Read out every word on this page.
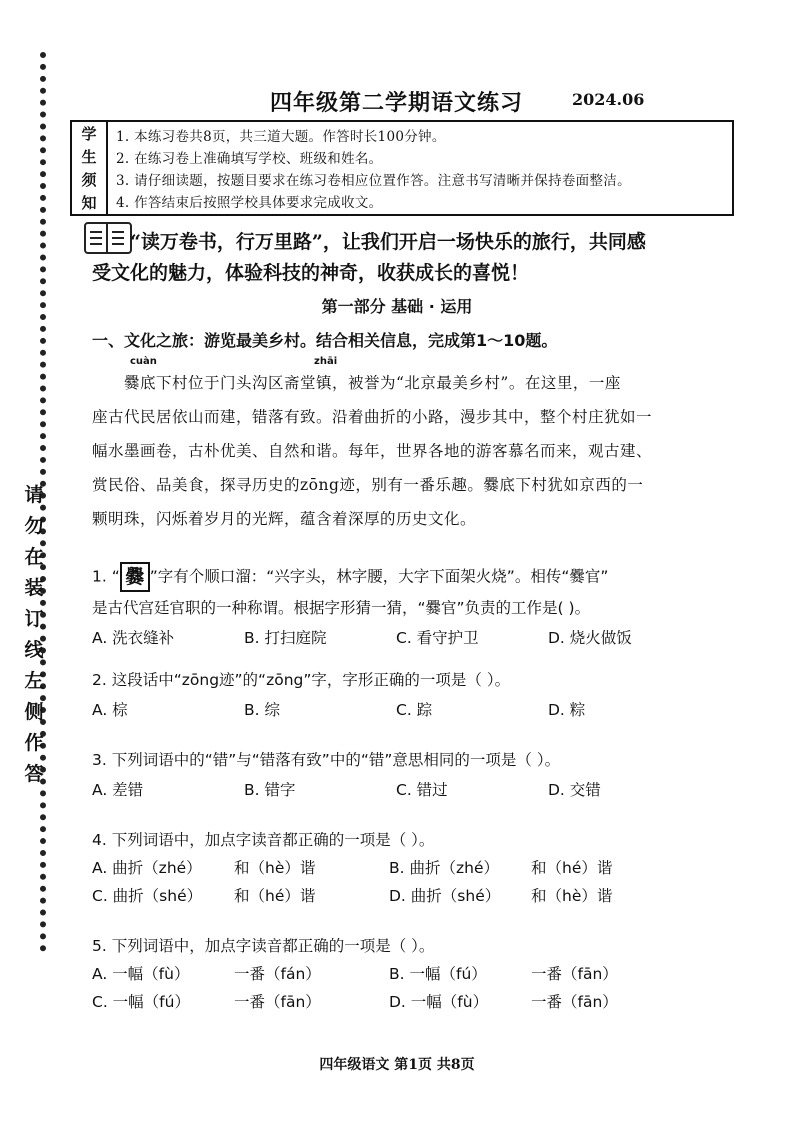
请
勿
在
装
订
线
左
侧
作
答
四年级第二学期语文练习	2024.06
学
生
须
知
1. 本练习卷共8页，共三道大题。作答时长100分钟。
2. 在练习卷上准确填写学校、班级和姓名。
3. 请仔细读题，按题目要求在练习卷相应位置作答。注意书写清晰并保持卷面整洁。
4. 作答结束后按照学校具体要求完成收文。
“读万卷书，行万里路”，让我们开启一场快乐的旅行，共同感
受文化的魅力，体验科技的神奇，收获成长的喜悦！
第一部分 基础 · 运用
一、文化之旅：游览最美乡村。结合相关信息，完成第1～10题。
cuàn	zhāi

爨底下村位于门头沟区斋堂镇，被誉为“北京最美乡村”。在这里，一座

座古代民居依山而建，错落有致。沿着曲折的小路，漫步其中，整个村庄犹如一

幅水墨画卷，古朴优美、自然和谐。每年，世界各地的游客慕名而来，观古建、

赏民俗、品美食，探寻历史的zōng迹，别有一番乐趣。爨底下村犹如京西的一

颗明珠，闪烁着岁月的光辉，蕴含着深厚的历史文化。

1. “ 爨 ”字有个顺口溜：“兴字头，林字腰，大字下面架火烧”。相传“爨官”
是古代宫廷官职的一种称谓。根据字形猜一猜，“爨官”负责的工作是( )。
A. 洗衣缝补	B. 打扫庭院	C. 看守护卫	D. 烧火做饭
2. 这段话中“zōng迹”的“zōng”字，字形正确的一项是（ ）。
A. 棕	B. 综	C. 踪	D. 粽
3. 下列词语中的“错”与“错落有致”中的“错”意思相同的一项是（ ）。
A. 差错	B. 错字	C. 错过	D. 交错
4. 下列词语中，加点字读音都正确的一项是（ ）。
A. 曲折（zhé）	和（hè）谐	B. 曲折（zhé）	和（hé）谐
C. 曲折（shé）	和（hé）谐	D. 曲折（shé）	和（hè）谐
5. 下列词语中，加点字读音都正确的一项是（ ）。
A. 一幅（fù）	一番（fán）	B. 一幅（fú）	一番（fān）
C. 一幅（fú）	一番（fān）	D. 一幅（fù）	一番（fān）
四年级语文 第1页 共8页
